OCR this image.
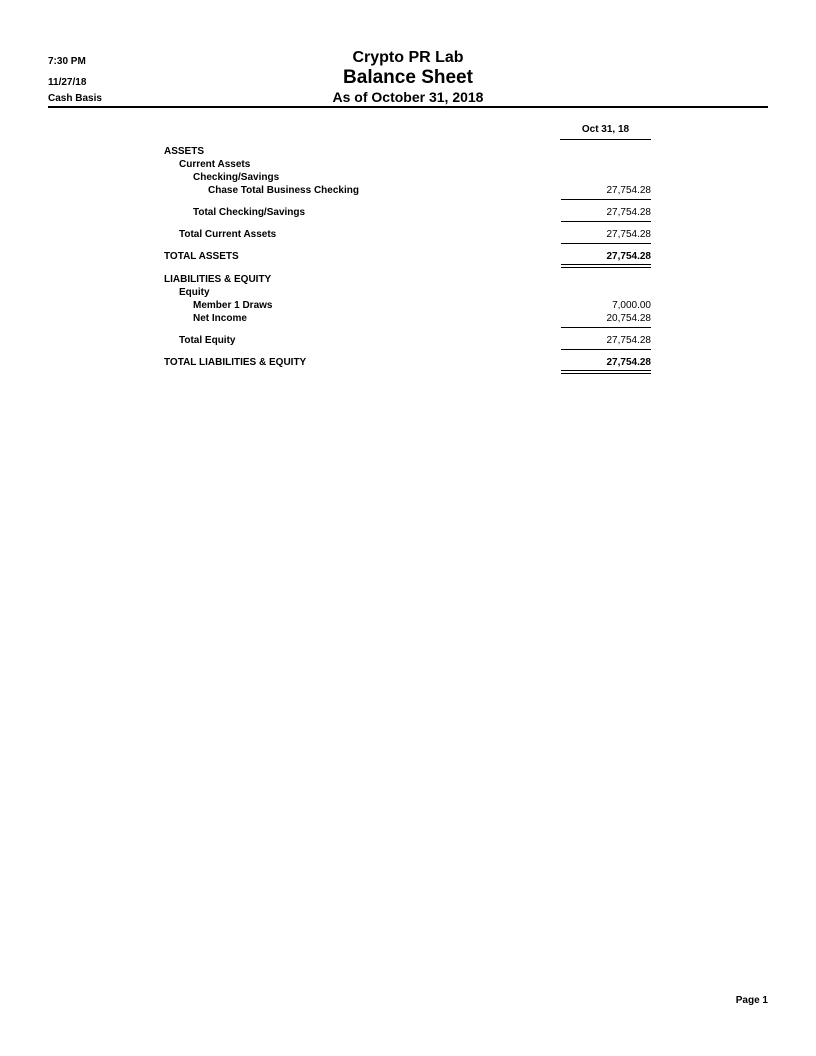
7:30 PM
11/27/18
Cash Basis
Crypto PR Lab
Balance Sheet
As of October 31, 2018
Oct 31, 18
ASSETS
Current Assets
Checking/Savings
Chase Total Business Checking	27,754.28
Total Checking/Savings	27,754.28
Total Current Assets	27,754.28
TOTAL ASSETS	27,754.28
LIABILITIES & EQUITY
Equity
Member 1 Draws	7,000.00
Net Income	20,754.28
Total Equity	27,754.28
TOTAL LIABILITIES & EQUITY	27,754.28
Page 1
